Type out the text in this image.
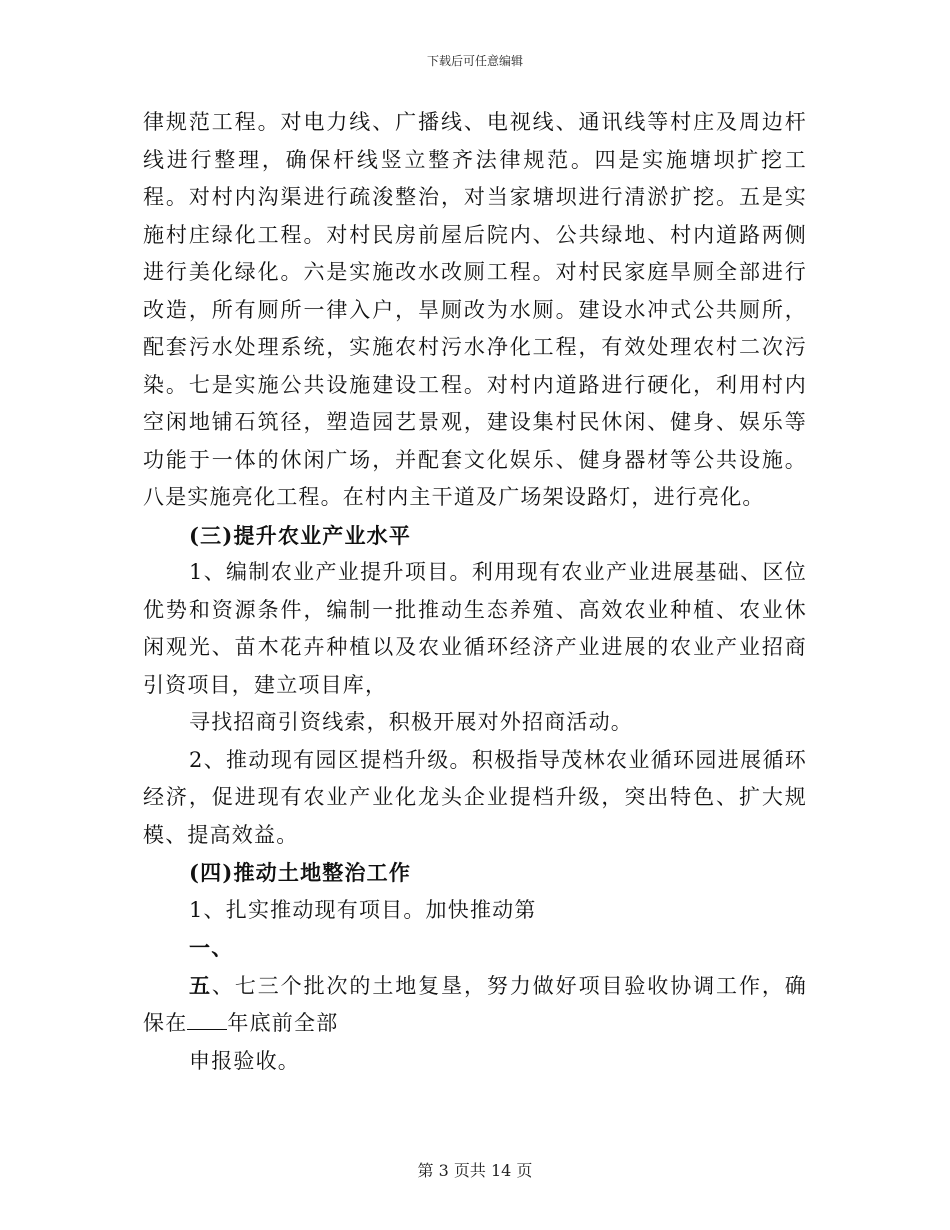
下载后可任意编辑

律规范工程。对电力线、广播线、电视线、通讯线等村庄及周边杆线进行整理，确保杆线竖立整齐法律规范。四是实施塘坝扩挖工程。对村内沟渠进行疏浚整治，对当家塘坝进行清淤扩挖。五是实施村庄绿化工程。对村民房前屋后院内、公共绿地、村内道路两侧进行美化绿化。六是实施改水改厕工程。对村民家庭旱厕全部进行改造，所有厕所一律入户，旱厕改为水厕。建设水冲式公共厕所，配套污水处理系统，实施农村污水净化工程，有效处理农村二次污染。七是实施公共设施建设工程。对村内道路进行硬化，利用村内空闲地铺石筑径，塑造园艺景观，建设集村民休闲、健身、娱乐等功能于一体的休闲广场，并配套文化娱乐、健身器材等公共设施。八是实施亮化工程。在村内主干道及广场架设路灯，进行亮化。

(三)提升农业产业水平

1、编制农业产业提升项目。利用现有农业产业进展基础、区位优势和资源条件，编制一批推动生态养殖、高效农业种植、农业休闲观光、苗木花卉种植以及农业循环经济产业进展的农业产业招商引资项目，建立项目库，

寻找招商引资线索，积极开展对外招商活动。

2、推动现有园区提档升级。积极指导茂林农业循环园进展循环经济，促进现有农业产业化龙头企业提档升级，突出特色、扩大规模、提高效益。

(四)推动土地整治工作

1、扎实推动现有项目。加快推动第

一、

五、七三个批次的土地复垦，努力做好项目验收协调工作，确保在 年底前全部

申报验收。

第 3 页共 14 页
